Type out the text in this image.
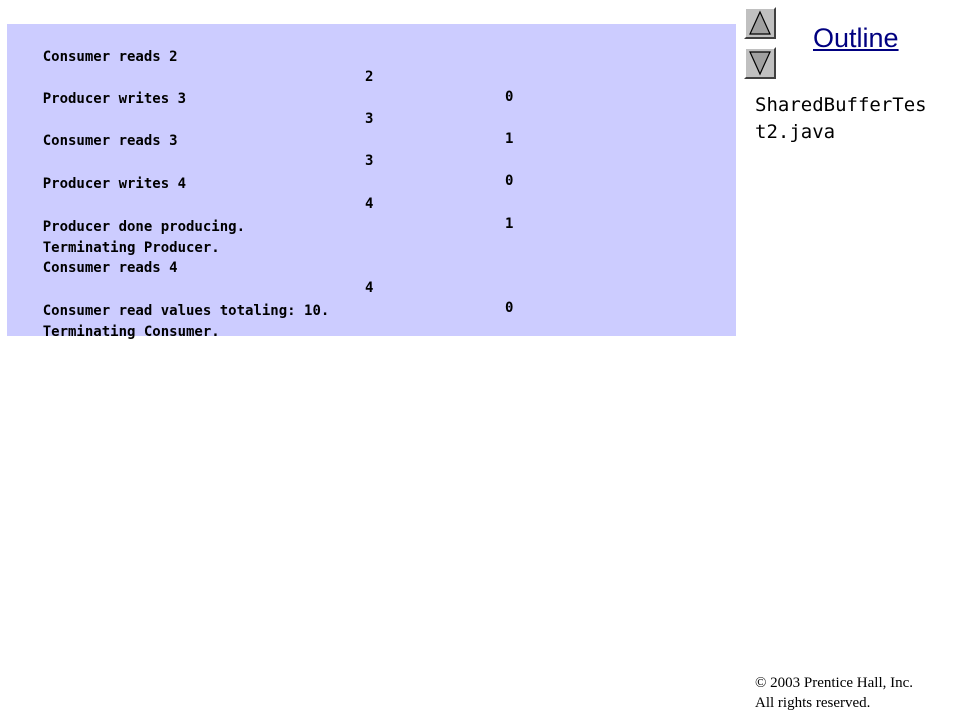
Consumer reads 2

2

0

Producer writes 3

3

1

Consumer reads 3

3

0

Producer writes 4

4

1

Producer done producing.

Terminating Producer.

Consumer reads 4

4

0

Consumer read values totaling: 10.

Terminating Consumer.

Outline
SharedBufferTes
t2.java
© 2003 Prentice Hall, Inc.
All rights reserved.
